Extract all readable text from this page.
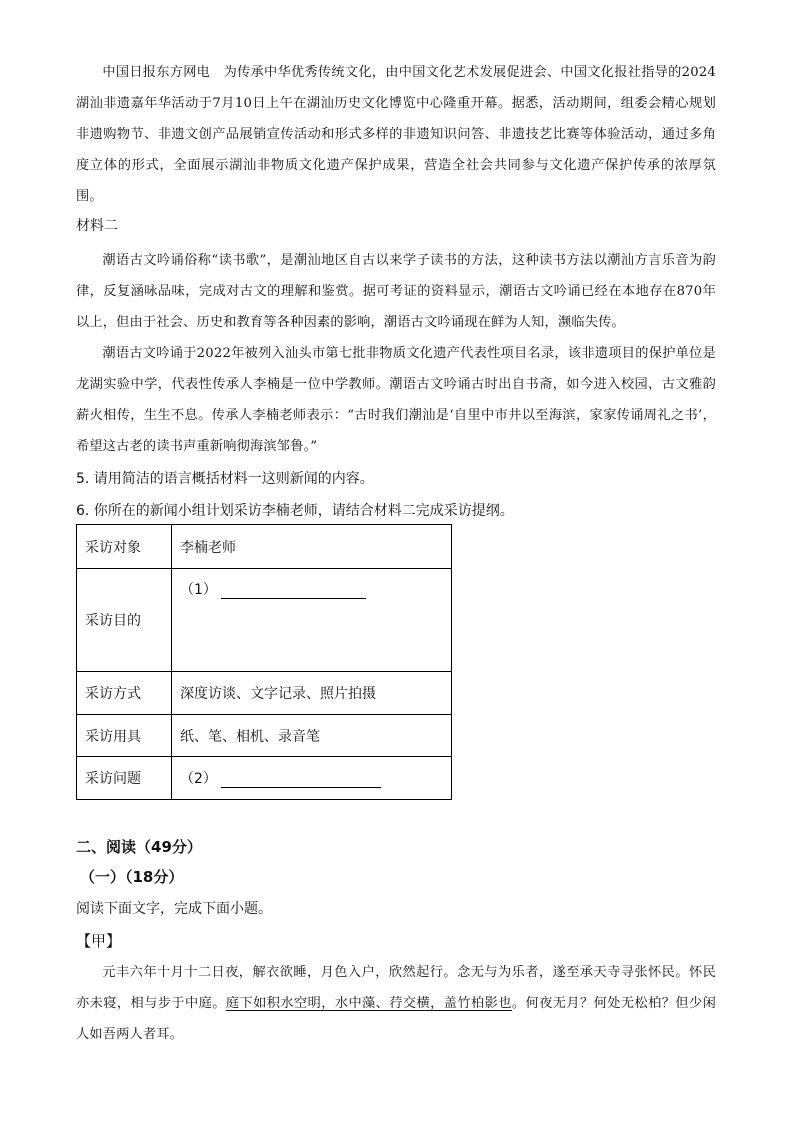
中国日报东方网电　为传承中华优秀传统文化，由中国文化艺术发展促进会、中国文化报社指导的2024湖汕非遗嘉年华活动于7月10日上午在湖汕历史文化博览中心隆重开幕。据悉，活动期间，组委会精心规划非遗购物节、非遗文创产品展销宣传活动和形式多样的非遗知识问答、非遗技艺比赛等体验活动，通过多角度立体的形式，全面展示湖汕非物质文化遗产保护成果，营造全社会共同参与文化遗产保护传承的浓厚氛围。

材料二

潮语古文吟诵俗称“读书歌”，是潮汕地区自古以来学子读书的方法，这种读书方法以潮汕方言乐音为韵律，反复涵咏品味，完成对古文的理解和鉴赏。据可考证的资料显示，潮语古文吟诵已经在本地存在870年以上，但由于社会、历史和教育等各种因素的影响，潮语古文吟诵现在鲜为人知，濒临失传。

潮语古文吟诵于2022年被列入汕头市第七批非物质文化遗产代表性项目名录，该非遗项目的保护单位是龙湖实验中学，代表性传承人李楠是一位中学教师。潮语古文吟诵古时出自书斋，如今进入校园，古文雅韵薪火相传，生生不息。传承人李楠老师表示：“古时我们潮汕是‘自里中市井以至海滨，家家传诵周礼之书’，希望这古老的读书声重新响彻海滨邹鲁。”

5. 请用简洁的语言概括材料一这则新闻的内容。

6. 你所在的新闻小组计划采访李楠老师，请结合材料二完成采访提纲。

采访对象	李楠老师
采访目的	（1）
采访方式	深度访谈、文字记录、照片拍摄
采访用具	纸、笔、相机、录音笔
采访问题	（2）

二、阅读（49分）

（一）（18分）

阅读下面文字，完成下面小题。

【甲】

元丰六年十月十二日夜，解衣欲睡，月色入户，欣然起行。念无与为乐者，遂至承天寺寻张怀民。怀民亦未寝，相与步于中庭。庭下如积水空明，水中藻、荇交横，盖竹柏影也。何夜无月？何处无松柏？但少闲人如吾两人者耳。
